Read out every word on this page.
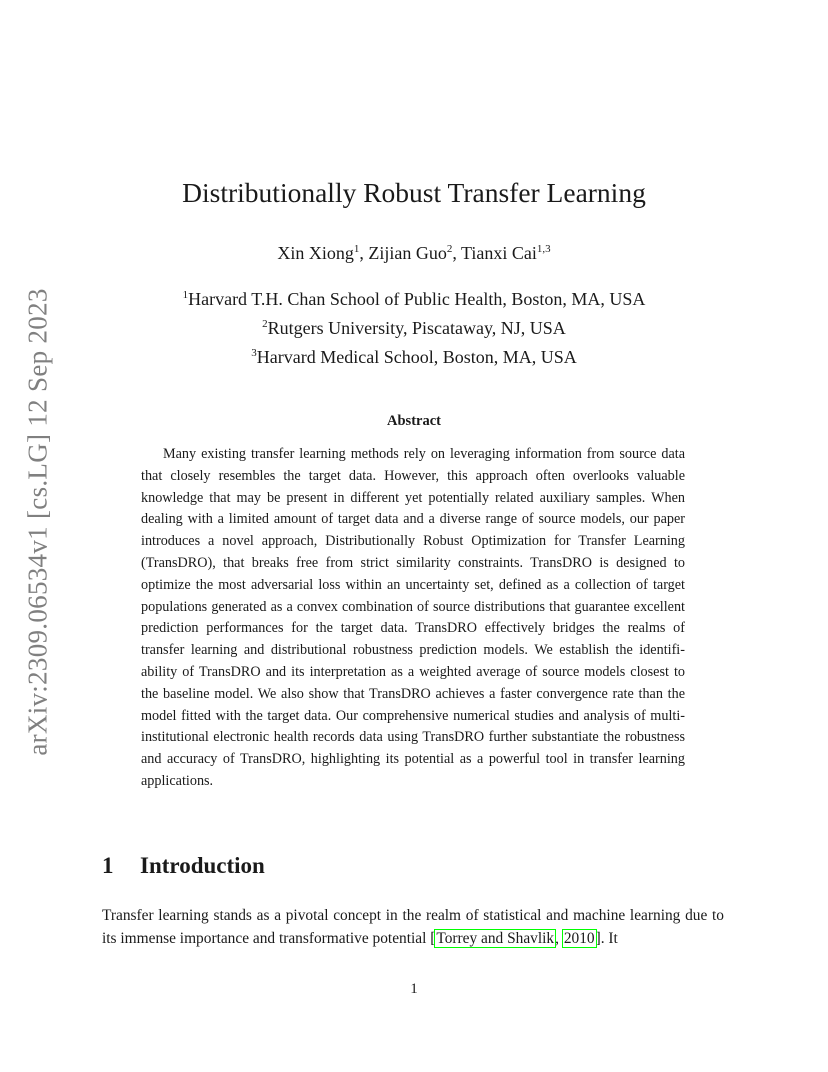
arXiv:2309.06534v1 [cs.LG] 12 Sep 2023
Distributionally Robust Transfer Learning
Xin Xiong$^1$, Zijian Guo$^2$, Tianxi Cai$^{1,3}$
$^1$Harvard T.H. Chan School of Public Health, Boston, MA, USA
$^2$Rutgers University, Piscataway, NJ, USA
$^3$Harvard Medical School, Boston, MA, USA
Abstract
Many existing transfer learning methods rely on leveraging information from source data that closely resembles the target data. However, this approach often overlooks valuable knowledge that may be present in different yet potentially related auxiliary samples. When dealing with a limited amount of target data and a diverse range of source models, our paper introduces a novel approach, Distributionally Robust Optimization for Transfer Learning (TransDRO), that breaks free from strict similarity constraints. TransDRO is designed to optimize the most adversarial loss within an uncertainty set, defined as a collection of target populations generated as a convex combination of source distributions that guarantee excellent prediction performances for the target data. TransDRO effectively bridges the realms of transfer learning and distributional robustness prediction models. We establish the identifiability of TransDRO and its interpretation as a weighted average of source models closest to the baseline model. We also show that TransDRO achieves a faster convergence rate than the model fitted with the target data. Our comprehensive numerical studies and analysis of multi-institutional electronic health records data using TransDRO further substantiate the robustness and accuracy of TransDRO, highlighting its potential as a powerful tool in transfer learning applications.
1 Introduction
Transfer learning stands as a pivotal concept in the realm of statistical and machine learning due to its immense importance and transformative potential [Torrey and Shavlik, 2010]. It
1
